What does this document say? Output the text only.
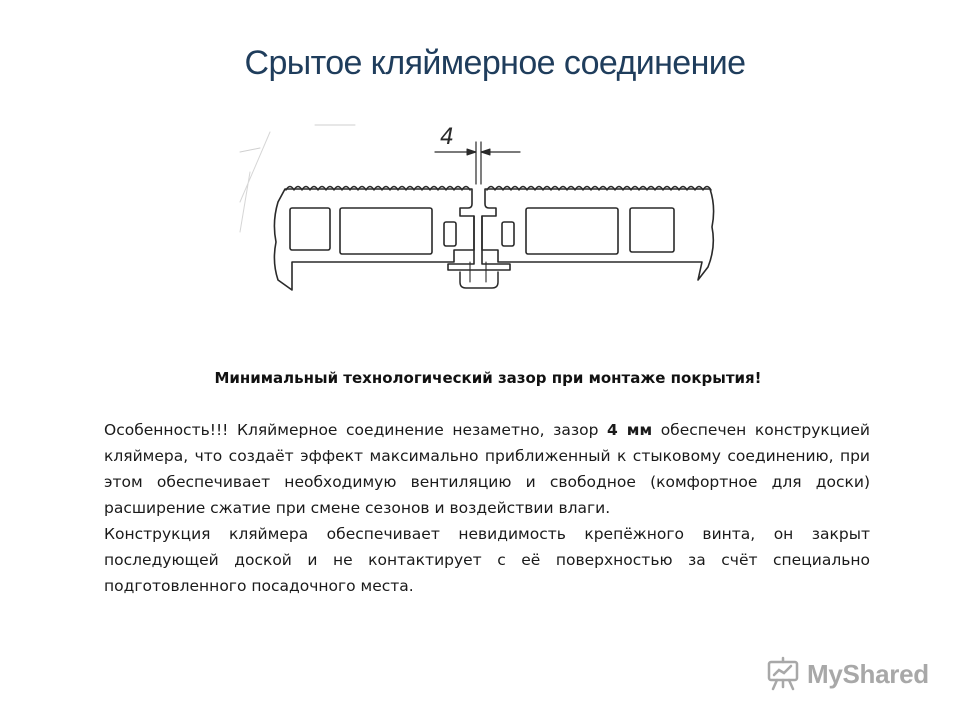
Срытое кляймерное соединение
4
Минимальный технологический зазор при монтаже покрытия!

Особенность!!! Кляймерное соединение незаметно, зазор 4 мм обеспечен конструкцией кляймера, что создаёт эффект максимально приближенный к стыковому соединению, при этом обеспечивает необходимую вентиляцию и свободное (комфортное для доски) расширение сжатие при смене сезонов и воздействии влаги.

Конструкция кляймера обеспечивает невидимость крепёжного винта, он закрыт последующей доской и не контактирует с её поверхностью за счёт специально подготовленного посадочного места.

MyShared
